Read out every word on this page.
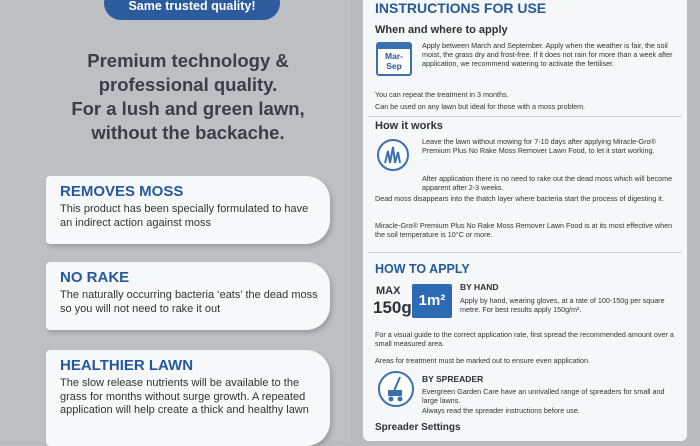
Same trusted quality!
Premium technology &
professional quality.
For a lush and green lawn,
without the backache.
REMOVES MOSS

This product has been specially formulated to have an indirect action against moss

NO RAKE

The naturally occurring bacteria ‘eats’ the dead moss so you will not need to rake it out

HEALTHIER LAWN

The slow release nutrients will be available to the grass for months without surge growth. A repeated application will help create a thick and healthy lawn

INSTRUCTIONS FOR USE
When and where to apply
Mar-Sep
Apply between March and September. Apply when the weather is fair, the soil moist, the grass dry and frost-free. If it does not rain for more than a week after application, we recommend watering to activate the fertiliser.
You can repeat the treatment in 3 months.
Can be used on any lawn but ideal for those with a moss problem.
How it works
Leave the lawn without mowing for 7-10 days after applying Miracle-Gro® Premium Plus No Rake Moss Remover Lawn Food, to let it start working.
After application there is no need to rake out the dead moss which will become apparent after 2-3 weeks.
Dead moss disappears into the thatch layer where bacteria start the process of digesting it.
Miracle-Gro® Premium Plus No Rake Moss Remover Lawn Food is at its most effective when the soil temperature is 10°C or more.
HOW TO APPLY
MAX
150g 1m²
BY HAND
Apply by hand, wearing gloves, at a rate of 100-150g per square metre. For best results apply 150g/m².
For a visual guide to the correct application rate, first spread the recommended amount over a small measured area.
Areas for treatment must be marked out to ensure even application.
BY SPREADER
Evergreen Garden Care have an unrivalled range of spreaders for small and large lawns.
Always read the spreader instructions before use.
Spreader Settings
